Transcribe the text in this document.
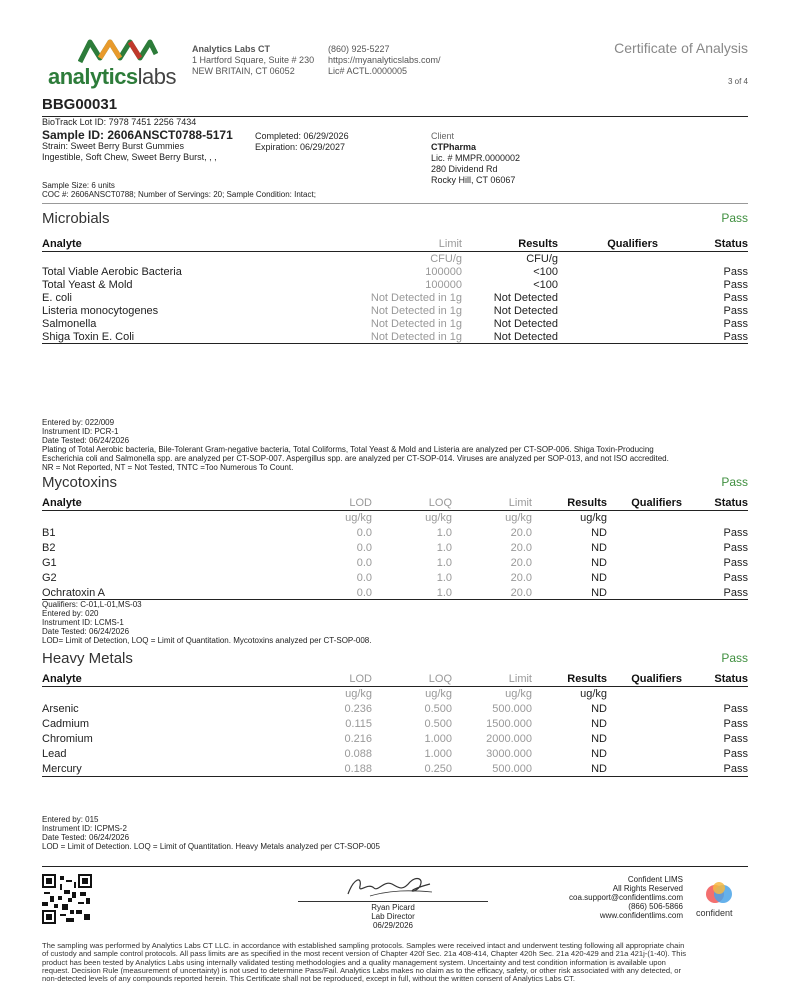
analyticslabs
Analytics Labs CT
1 Hartford Square, Suite # 230
NEW BRITAIN, CT 06052
(860) 925-5227
https://myanalyticslabs.com/
Lic# ACTL.0000005
Certificate of Analysis
3 of 4
BBG00031
BioTrack Lot ID: 7978 7451 2256 7434
Sample ID: 2606ANSCT0788-5171
Strain: Sweet Berry Burst Gummies
Ingestible, Soft Chew, Sweet Berry Burst, , ,
Completed: 06/29/2026
Expiration: 06/29/2027
Client
CTPharma
Lic. # MMPR.0000002
280 Dividend Rd
Rocky Hill, CT 06067
Sample Size: 6 units
COC #: 2606ANSCT0788; Number of Servings: 20; Sample Condition: Intact;
Microbials	Pass
Analyte	Limit	Results	Qualifiers	Status
	CFU/g	CFU/g		
Total Viable Aerobic Bacteria	100000	<100		Pass
Total Yeast & Mold	100000	<100		Pass
E. coli	Not Detected in 1g	Not Detected		Pass
Listeria monocytogenes	Not Detected in 1g	Not Detected		Pass
Salmonella	Not Detected in 1g	Not Detected		Pass
Shiga Toxin E. Coli	Not Detected in 1g	Not Detected		Pass
Entered by: 022/009
Instrument ID: PCR-1
Date Tested: 06/24/2026
Plating of Total Aerobic bacteria, Bile-Tolerant Gram-negative bacteria, Total Coliforms, Total Yeast & Mold and Listeria are analyzed per CT-SOP-006. Shiga Toxin-Producing
Escherichia coli and Salmonella spp. are analyzed per CT-SOP-007. Aspergillus spp. are analyzed per CT-SOP-014. Viruses are analyzed per SOP-013, and not ISO accredited.
NR = Not Reported, NT = Not Tested, TNTC =Too Numerous To Count.
Mycotoxins	Pass
Analyte	LOD	LOQ	Limit	Results	Qualifiers	Status
	ug/kg	ug/kg	ug/kg	ug/kg		
B1	0.0	1.0	20.0	ND		Pass
B2	0.0	1.0	20.0	ND		Pass
G1	0.0	1.0	20.0	ND		Pass
G2	0.0	1.0	20.0	ND		Pass
Ochratoxin A	0.0	1.0	20.0	ND		Pass
Qualifiers: C-01,L-01,MS-03
Entered by: 020
Instrument ID: LCMS-1
Date Tested: 06/24/2026
LOD= Limit of Detection, LOQ = Limit of Quantitation. Mycotoxins analyzed per CT-SOP-008.
Heavy Metals	Pass
Analyte	LOD	LOQ	Limit	Results	Qualifiers	Status
	ug/kg	ug/kg	ug/kg	ug/kg		
Arsenic	0.236	0.500	500.000	ND		Pass
Cadmium	0.115	0.500	1500.000	ND		Pass
Chromium	0.216	1.000	2000.000	ND		Pass
Lead	0.088	1.000	3000.000	ND		Pass
Mercury	0.188	0.250	500.000	ND		Pass
Entered by: 015
Instrument ID: ICPMS-2
Date Tested: 06/24/2026
LOD = Limit of Detection. LOQ = Limit of Quantitation. Heavy Metals analyzed per CT-SOP-005
Ryan Picard
Lab Director
06/29/2026
Confident LIMS
All Rights Reserved
coa.support@confidentlims.com
(866) 506-5866
www.confidentlims.com confident
The sampling was performed by Analytics Labs CT LLC. in accordance with established sampling protocols. Samples were received intact and underwent testing following all appropriate chain
of custody and sample control protocols. All pass limits are as specified in the most recent version of Chapter 420f Sec. 21a 408-414, Chapter 420h Sec. 21a 420-429 and 21a 421j-(1-40). This
product has been tested by Analytics Labs using internally validated testing methodologies and a quality management system. Uncertainty and test condition information is available upon
request. Decision Rule (measurement of uncertainty) is not used to determine Pass/Fail. Analytics Labs makes no claim as to the efficacy, safety, or other risk associated with any detected, or
non-detected levels of any compounds reported herein. This Certificate shall not be reproduced, except in full, without the written consent of Analytics Labs CT.
